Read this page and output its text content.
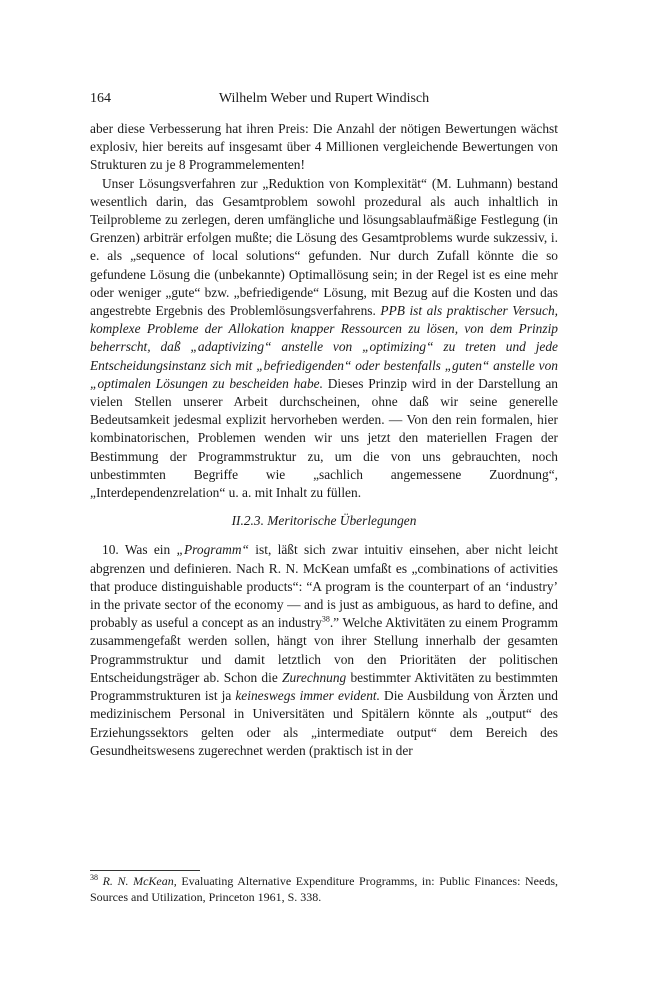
164	Wilhelm Weber und Rupert Windisch

aber diese Verbesserung hat ihren Preis: Die Anzahl der nötigen Bewertungen wächst explosiv, hier bereits auf insgesamt über 4 Millionen vergleichende Bewertungen von Strukturen zu je 8 Programmelementen!

Unser Lösungsverfahren zur „Reduktion von Komplexität“ (M. Luhmann) bestand wesentlich darin, das Gesamtproblem sowohl prozedural als auch inhaltlich in Teilprobleme zu zerlegen, deren umfängliche und lösungsablaufmäßige Festlegung (in Grenzen) arbiträr erfolgen mußte; die Lösung des Gesamtproblems wurde sukzessiv, i. e. als „sequence of local solutions“ gefunden. Nur durch Zufall könnte die so gefundene Lösung die (unbekannte) Optimallösung sein; in der Regel ist es eine mehr oder weniger „gute“ bzw. „befriedigende“ Lösung, mit Bezug auf die Kosten und das angestrebte Ergebnis des Problemlösungsverfahrens. PPB ist als praktischer Versuch, komplexe Probleme der Allokation knapper Ressourcen zu lösen, von dem Prinzip beherrscht, daß „adaptivizing“ anstelle von „optimizing“ zu treten und jede Entscheidungsinstanz sich mit „befriedigenden“ oder bestenfalls „guten“ anstelle von „optimalen Lösungen zu bescheiden habe. Dieses Prinzip wird in der Darstellung an vielen Stellen unserer Arbeit durchscheinen, ohne daß wir seine generelle Bedeutsamkeit jedesmal explizit hervorheben werden. — Von den rein formalen, hier kombinatorischen, Problemen wenden wir uns jetzt den materiellen Fragen der Bestimmung der Programmstruktur zu, um die von uns gebrauchten, noch unbestimmten Begriffe wie „sachlich angemessene Zuordnung“, „Interdependenzrelation“ u. a. mit Inhalt zu füllen.

II.2.3. Meritorische Überlegungen

10. Was ein „Programm“ ist, läßt sich zwar intuitiv einsehen, aber nicht leicht abgrenzen und definieren. Nach R. N. McKean umfaßt es „combinations of activities that produce distinguishable products“: “A program is the counterpart of an ‘industry’ in the private sector of the economy — and is just as ambiguous, as hard to define, and probably as useful a concept as an industry$^{38}$.” Welche Aktivitäten zu einem Programm zusammengefaßt werden sollen, hängt von ihrer Stellung innerhalb der gesamten Programmstruktur und damit letztlich von den Prioritäten der politischen Entscheidungsträger ab. Schon die Zurechnung bestimmter Aktivitäten zu bestimmten Programmstrukturen ist ja keineswegs immer evident. Die Ausbildung von Ärzten und medizinischem Personal in Universitäten und Spitälern könnte als „output“ des Erziehungssektors gelten oder als „intermediate output“ dem Bereich des Gesundheitswesens zugerechnet werden (praktisch ist in der

$^{38}$ R. N. McKean, Evaluating Alternative Expenditure Programms, in: Public Finances: Needs, Sources and Utilization, Princeton 1961, S. 338.
